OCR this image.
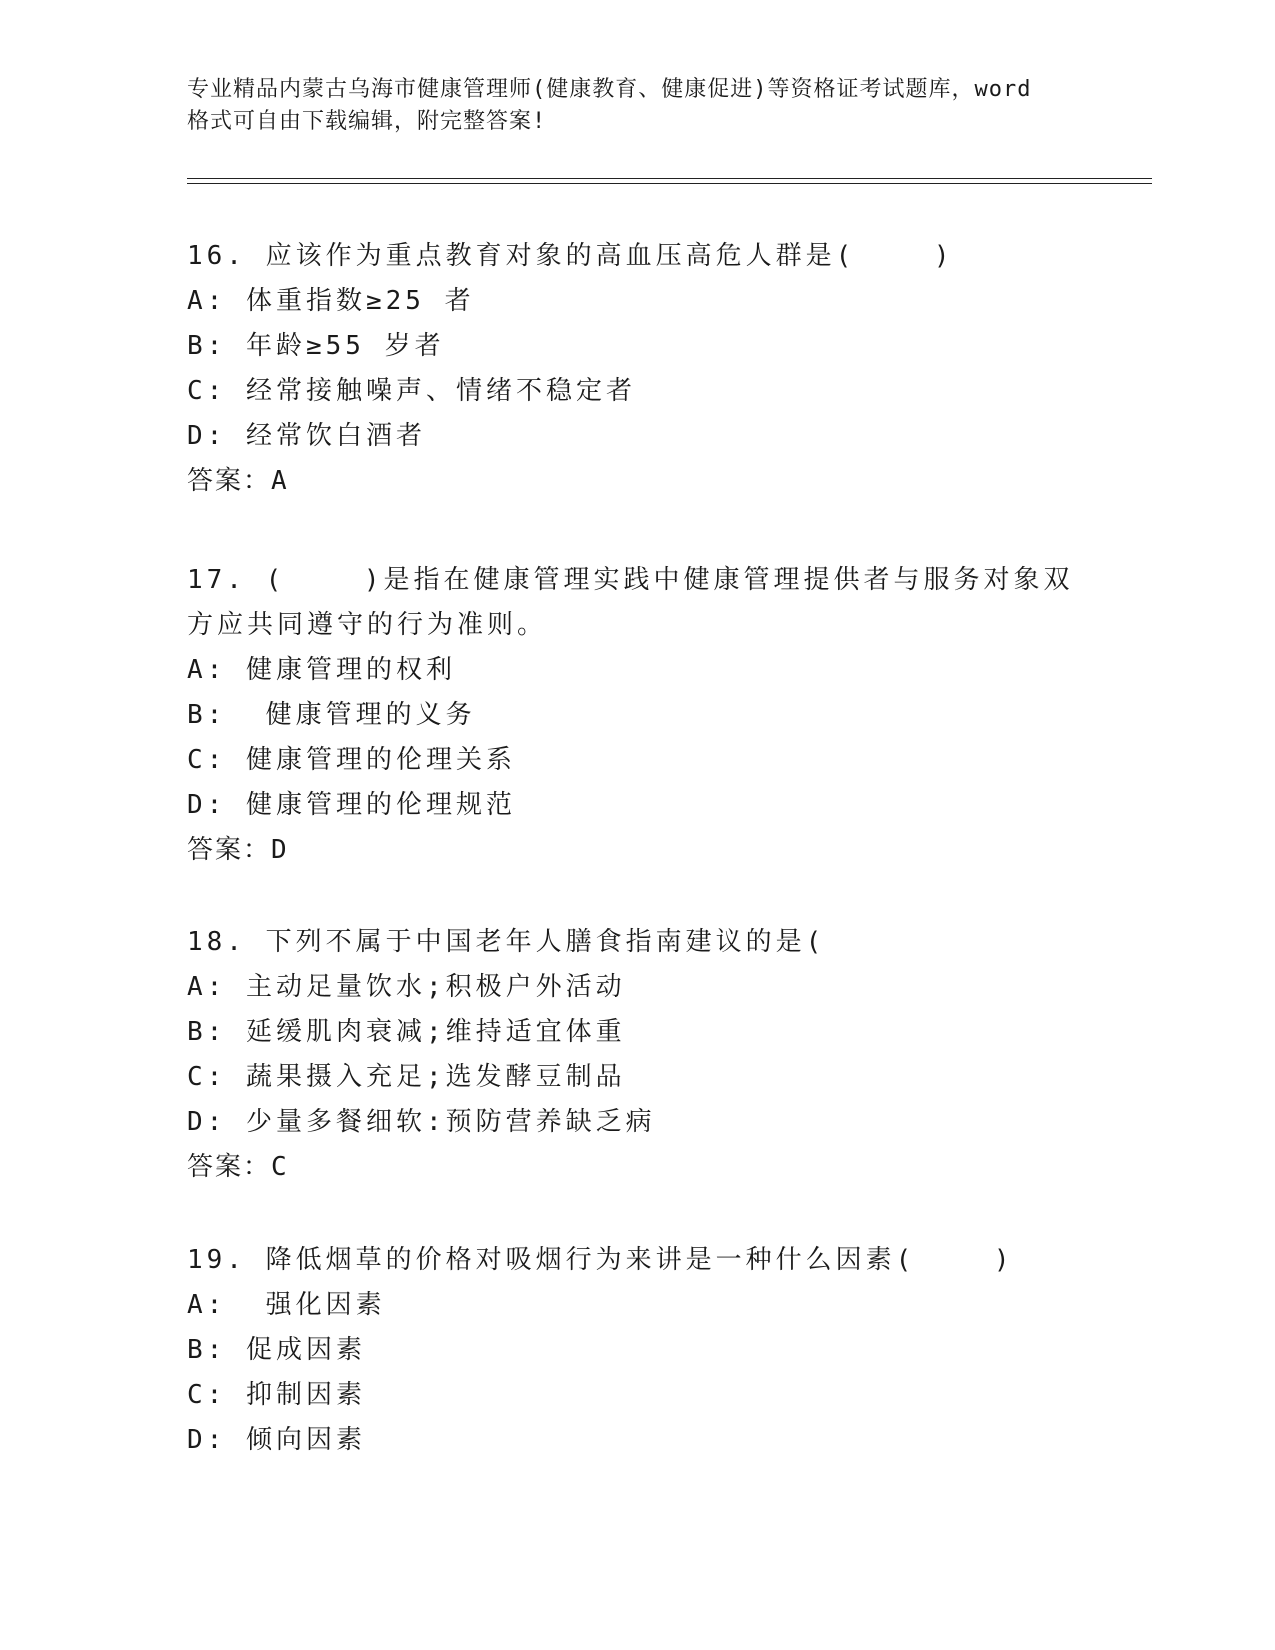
专业精品内蒙古乌海市健康管理师(健康教育、健康促进)等资格证考试题库，word
格式可自由下载编辑，附完整答案!
16. 应该作为重点教育对象的高血压高危人群是(    )
A: 体重指数≥25 者
B: 年龄≥55 岁者
C: 经常接触噪声、情绪不稳定者
D: 经常饮白酒者
答案：A
17. (    )是指在健康管理实践中健康管理提供者与服务对象双方应共同遵守的行为准则。
A: 健康管理的权利
B:  健康管理的义务
C: 健康管理的伦理关系
D: 健康管理的伦理规范
答案：D
18. 下列不属于中国老年人膳食指南建议的是(
A: 主动足量饮水;积极户外活动
B: 延缓肌肉衰减;维持适宜体重
C: 蔬果摄入充足;选发酵豆制品
D: 少量多餐细软:预防营养缺乏病
答案：C
19. 降低烟草的价格对吸烟行为来讲是一种什么因素(    )
A:  强化因素
B: 促成因素
C: 抑制因素
D: 倾向因素
